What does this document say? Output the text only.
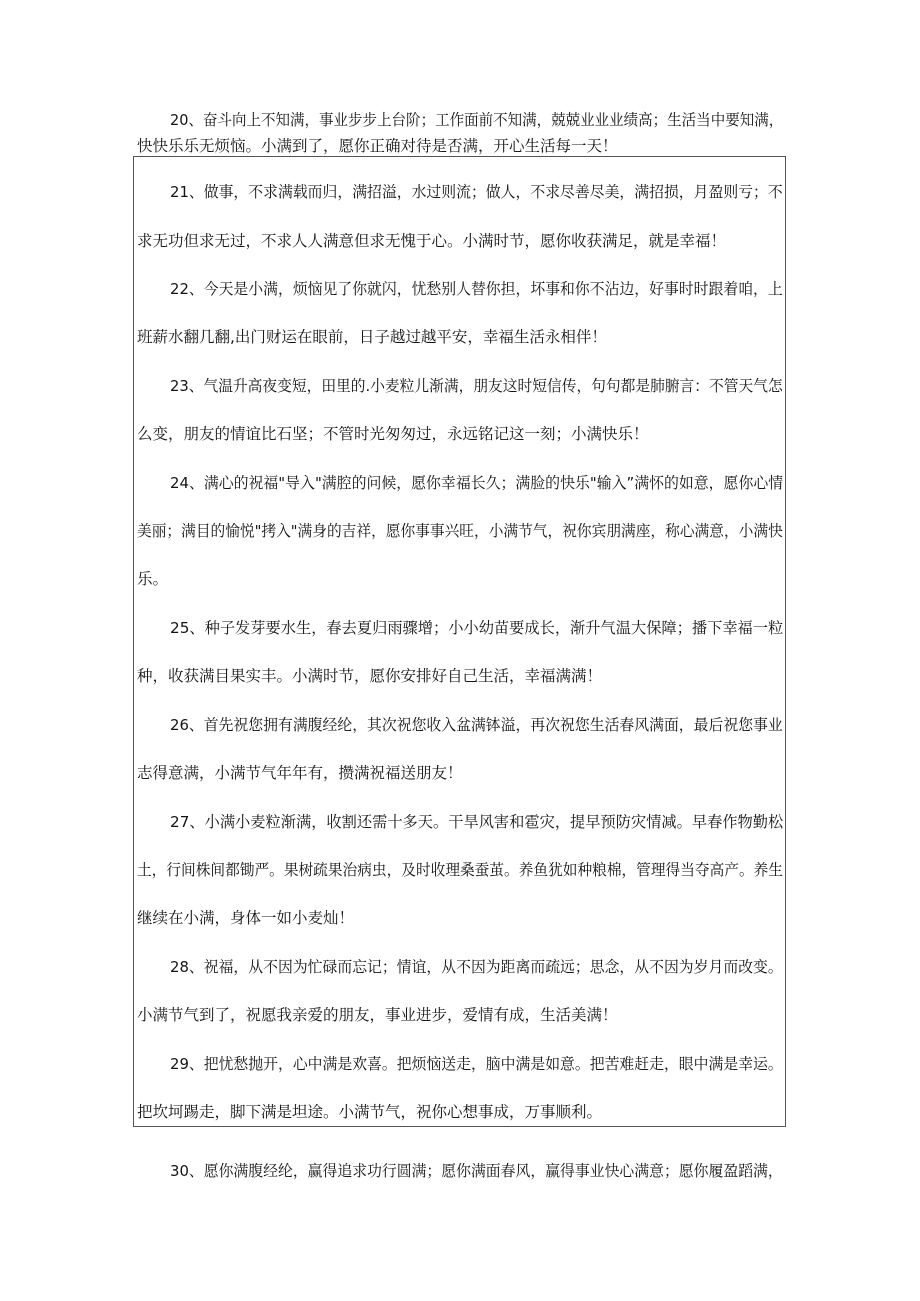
20、奋斗向上不知满，事业步步上台阶；工作面前不知满，兢兢业业业绩高；生活当中要知满，
快快乐乐无烦恼。小满到了，愿你正确对待是否满，开心生活每一天！
21、做事，不求满载而归，满招溢，水过则流；做人，不求尽善尽美，满招损，月盈则亏；不
求无功但求无过，不求人人满意但求无愧于心。小满时节，愿你收获满足，就是幸福！
22、今天是小满，烦恼见了你就闪，忧愁别人替你担，坏事和你不沾边，好事时时跟着咱，上
班薪水翻几翻,出门财运在眼前，日子越过越平安，幸福生活永相伴！
23、气温升高夜变短，田里的.小麦粒儿渐满，朋友这时短信传，句句都是肺腑言：不管天气怎
么变，朋友的情谊比石坚；不管时光匆匆过，永远铭记这一刻；小满快乐！
24、满心的祝福"导入"满腔的问候，愿你幸福长久；满脸的快乐"输入”满怀的如意，愿你心情
美丽；满目的愉悦"拷入"满身的吉祥，愿你事事兴旺，小满节气，祝你宾朋满座，称心满意，小满快
乐。
25、种子发芽要水生，春去夏归雨骤增；小小幼苗要成长，渐升气温大保障；播下幸福一粒
种，收获满目果实丰。小满时节，愿你安排好自己生活，幸福满满！
26、首先祝您拥有满腹经纶，其次祝您收入盆满钵溢，再次祝您生活春风满面，最后祝您事业
志得意满，小满节气年年有，攒满祝福送朋友！
27、小满小麦粒渐满，收割还需十多天。干旱风害和雹灾，提早预防灾情减。早春作物勤松
土，行间株间都锄严。果树疏果治病虫，及时收理桑蚕茧。养鱼犹如种粮棉，管理得当夺高产。养生
继续在小满，身体一如小麦灿！
28、祝福，从不因为忙碌而忘记；情谊，从不因为距离而疏远；思念，从不因为岁月而改变。
小满节气到了，祝愿我亲爱的朋友，事业进步，爱情有成，生活美满！
29、把忧愁抛开，心中满是欢喜。把烦恼送走，脑中满是如意。把苦难赶走，眼中满是幸运。
把坎坷踢走，脚下满是坦途。小满节气，祝你心想事成，万事顺利。
30、愿你满腹经纶，赢得追求功行圆满；愿你满面春风，赢得事业快心满意；愿你履盈蹈满，
